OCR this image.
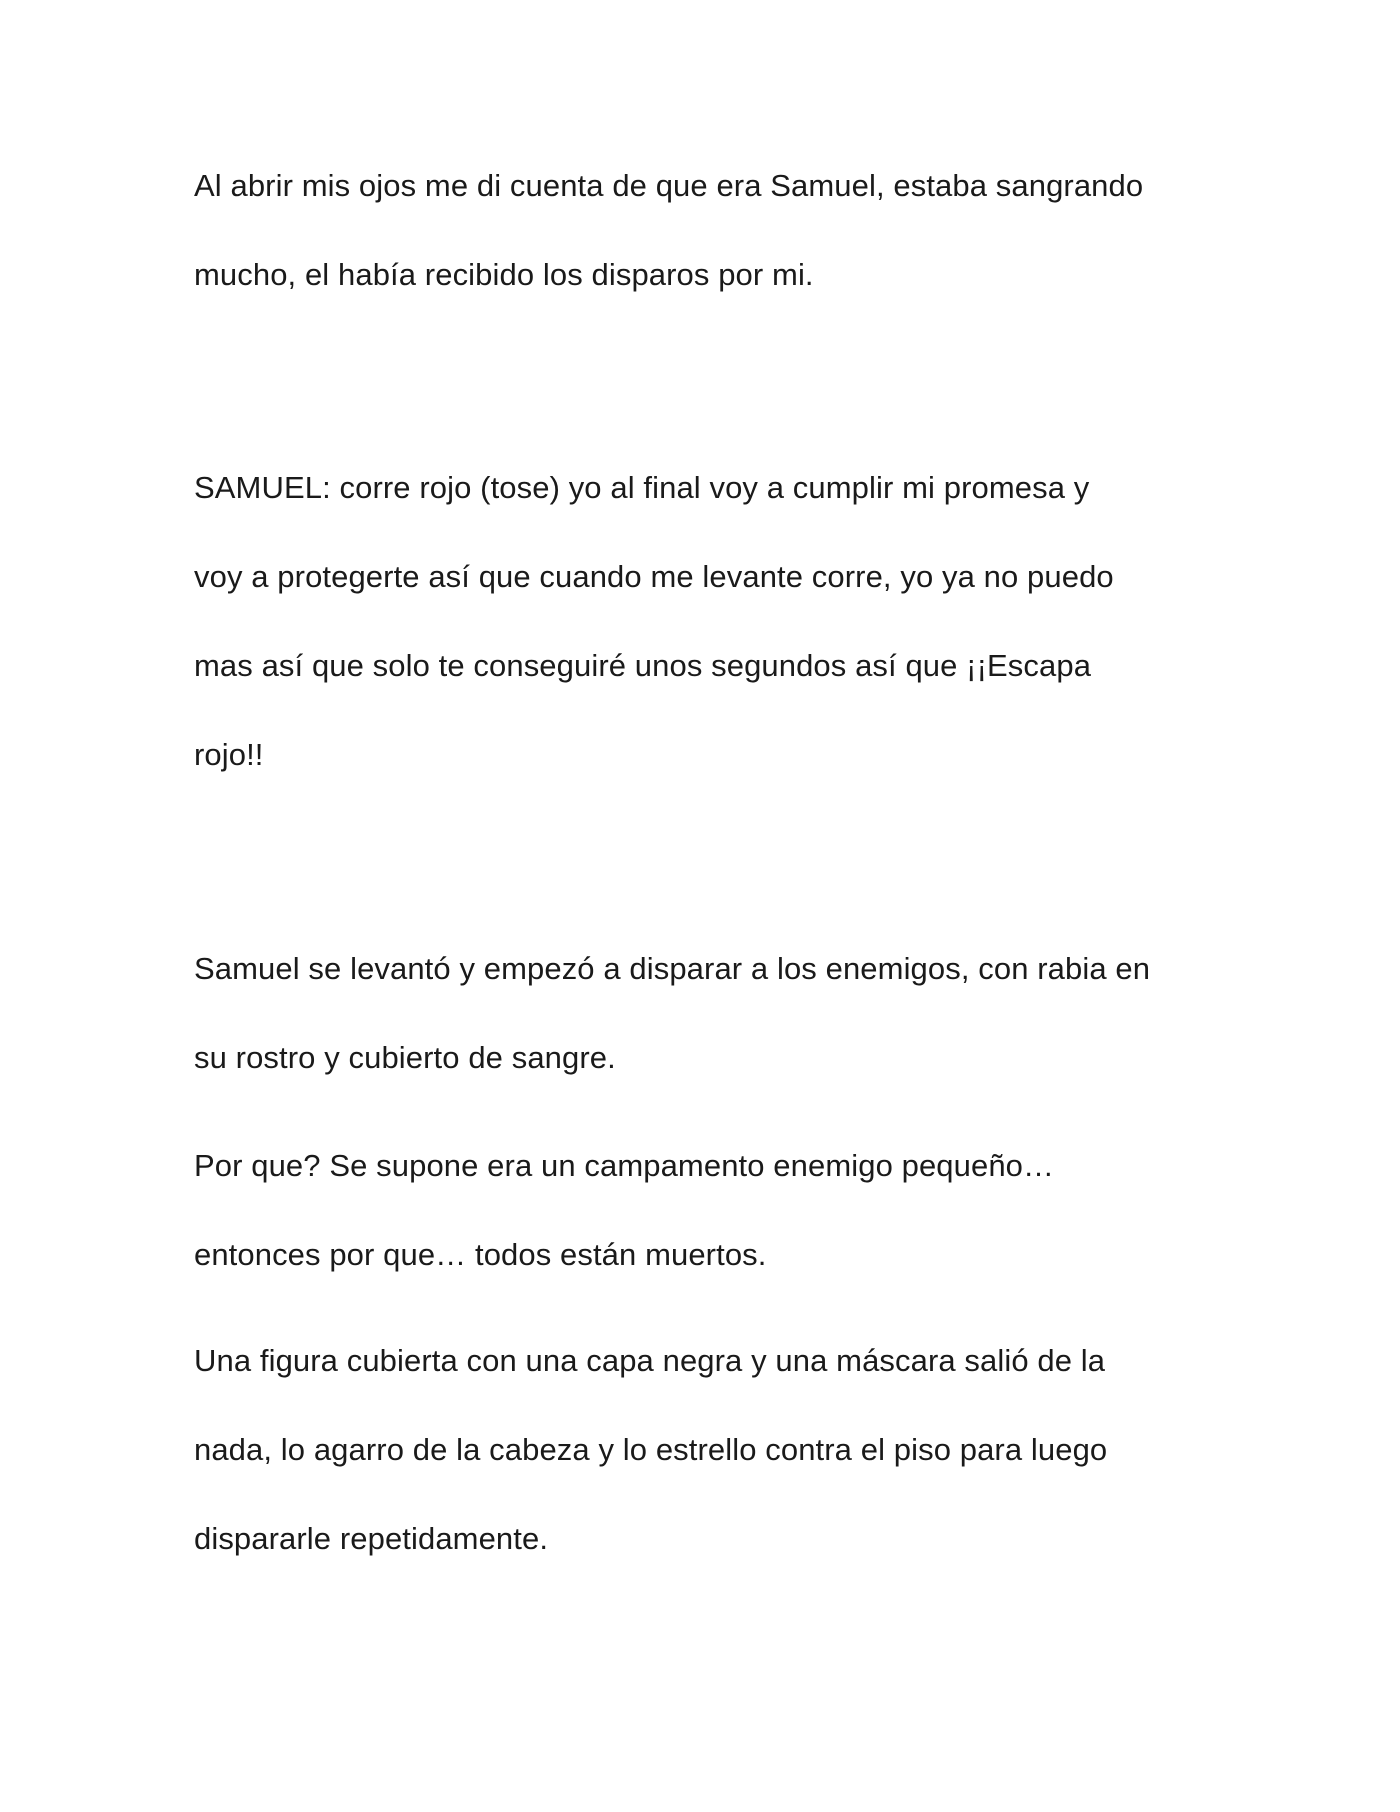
Al abrir mis ojos me di cuenta de que era Samuel, estaba sangrando
mucho, el había recibido los disparos por mi.

SAMUEL: corre rojo (tose) yo al final voy a cumplir mi promesa y
voy a protegerte así que cuando me levante corre, yo ya no puedo
mas así que solo te conseguiré unos segundos así que ¡¡Escapa
rojo!!

Samuel se levantó y empezó a disparar a los enemigos, con rabia en
su rostro y cubierto de sangre.

Por que? Se supone era un campamento enemigo pequeño…
entonces por que… todos están muertos.

Una figura cubierta con una capa negra y una máscara salió de la
nada, lo agarro de la cabeza y lo estrello contra el piso para luego
dispararle repetidamente.
